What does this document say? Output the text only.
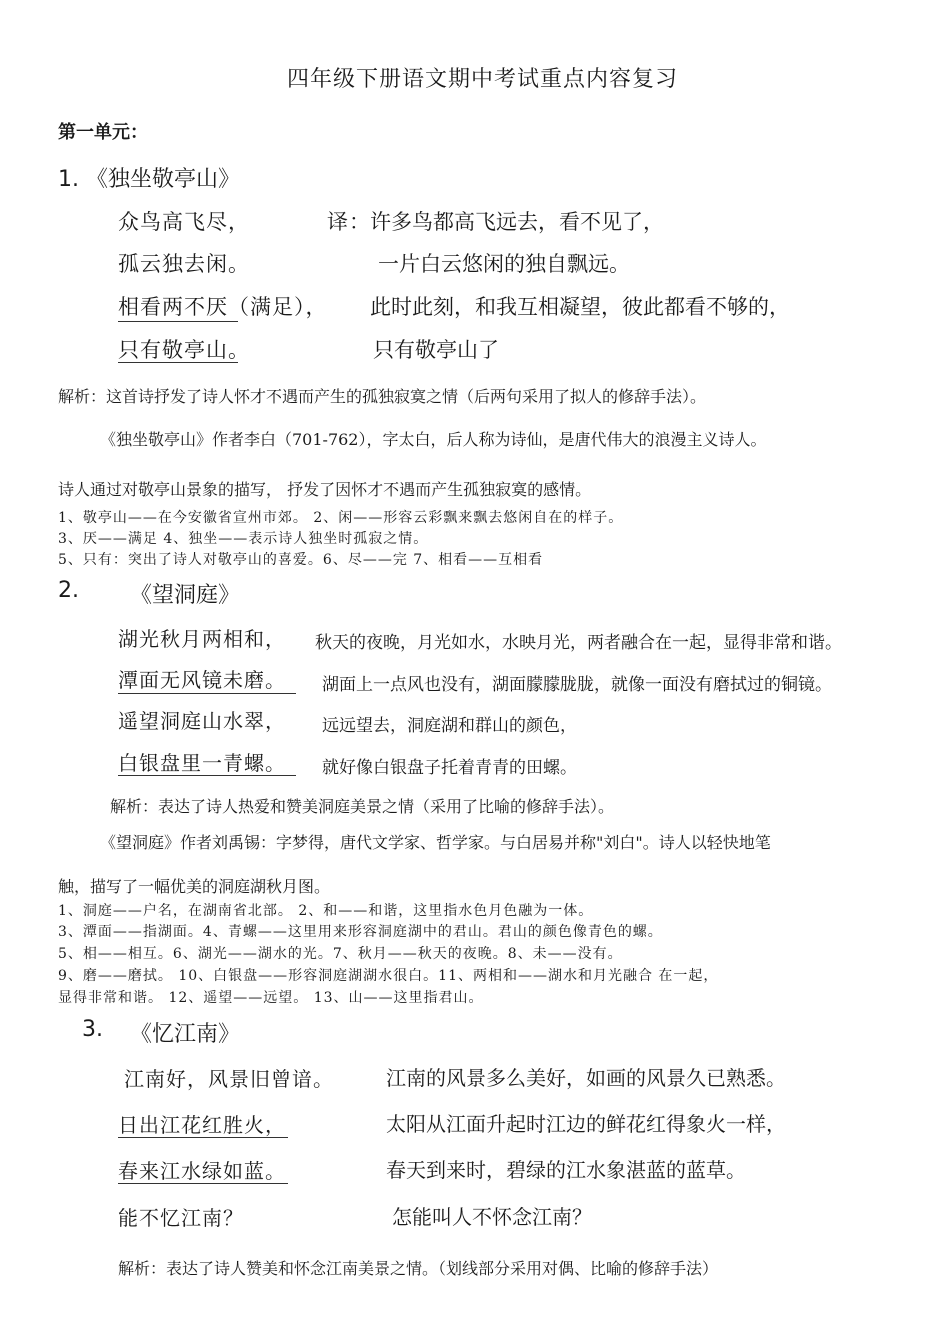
四年级下册语文期中考试重点内容复习
第一单元：
1. 《独坐敬亭山》
众鸟高飞尽，
孤云独去闲。
相看两不厌（满足），
只有敬亭山。
译： 许多鸟都高飞远去，看不见了，
一片白云悠闲的独自飘远。
此时此刻，和我互相凝望，彼此都看不够的，
只有敬亭山了
解析：这首诗抒发了诗人怀才不遇而产生的孤独寂寞之情（后两句采用了拟人的修辞手法）。
《独坐敬亭山》作者李白（701-762），字太白，后人称为诗仙，是唐代伟大的浪漫主义诗人。
诗人通过对敬亭山景象的描写， 抒发了因怀才不遇而产生孤独寂寞的感情。
1、敬亭山——在今安徽省宣州市郊。 2、闲——形容云彩飘来飘去悠闲自在的样子。
3、厌——满足 4、独坐——表示诗人独坐时孤寂之情。
5、只有：突出了诗人对敬亭山的喜爱。6、尽——完 7、相看——互相看
2. 《望洞庭》
湖光秋月两相和，
潭面无风镜未磨。
遥望洞庭山水翠，
白银盘里一青螺。
秋天的夜晚，月光如水，水映月光，两者融合在一起，显得非常和谐。
湖面上一点风也没有，湖面朦朦胧胧，就像一面没有磨拭过的铜镜。
远远望去，洞庭湖和群山的颜色，
就好像白银盘子托着青青的田螺。
解析：表达了诗人热爱和赞美洞庭美景之情（采用了比喻的修辞手法）。
《望洞庭》作者刘禹锡：字梦得，唐代文学家、哲学家。与白居易并称"刘白"。诗人以轻快地笔
触，描写了一幅优美的洞庭湖秋月图。
1、洞庭——户名，在湖南省北部。 2、和——和谐，这里指水色月色融为一体。
3、潭面——指湖面。4、青螺——这里用来形容洞庭湖中的君山。君山的颜色像青色的螺。
5、相——相互。6、湖光——湖水的光。7、秋月——秋天的夜晚。8、未——没有。
9、磨——磨拭。 10、白银盘——形容洞庭湖湖水很白。11、两相和——湖水和月光融合 在一起，
显得非常和谐。 12、遥望——远望。 13、山——这里指君山。
3. 《忆江南》
江南好，风景旧曾谙。
日出江花红胜火，
春来江水绿如蓝。
能不忆江南？
江南的风景多么美好，如画的风景久已熟悉。
太阳从江面升起时江边的鲜花红得象火一样，
春天到来时，碧绿的江水象湛蓝的蓝草。
怎能叫人不怀念江南？
解析：表达了诗人赞美和怀念江南美景之情。（划线部分采用对偶、比喻的修辞手法）
